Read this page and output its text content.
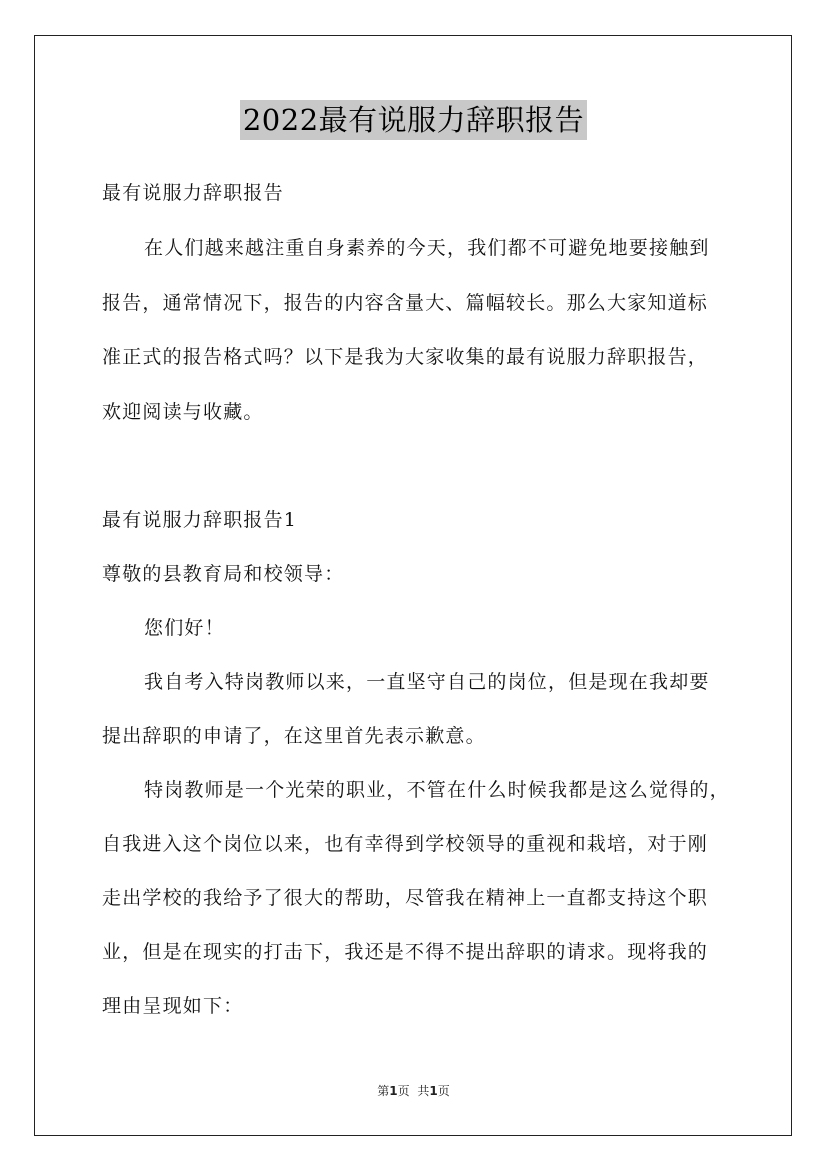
2022最有说服力辞职报告
最有说服力辞职报告
在人们越来越注重自身素养的今天，我们都不可避免地要接触到
报告，通常情况下，报告的内容含量大、篇幅较长。那么大家知道标
准正式的报告格式吗？以下是我为大家收集的最有说服力辞职报告，
欢迎阅读与收藏。
最有说服力辞职报告1
尊敬的县教育局和校领导：
您们好！
我自考入特岗教师以来，一直坚守自己的岗位，但是现在我却要
提出辞职的申请了，在这里首先表示歉意。
特岗教师是一个光荣的职业，不管在什么时候我都是这么觉得的，
自我进入这个岗位以来，也有幸得到学校领导的重视和栽培，对于刚
走出学校的我给予了很大的帮助，尽管我在精神上一直都支持这个职
业，但是在现实的打击下，我还是不得不提出辞职的请求。现将我的
理由呈现如下：
第1页 共1页
